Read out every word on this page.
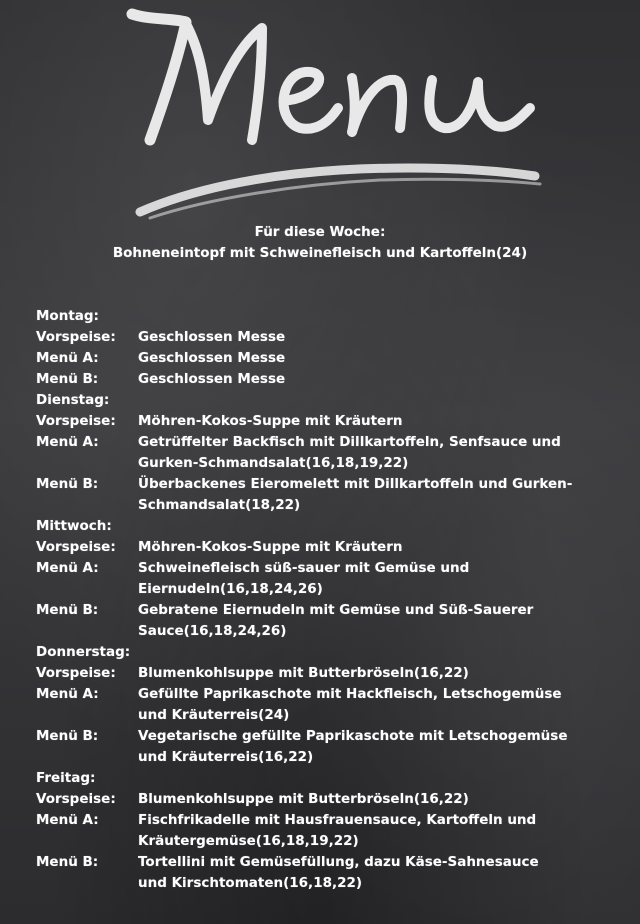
Für diese Woche:
Bohneneintopf mit Schweinefleisch und Kartoffeln(24)
Montag:
Vorspeise:	Geschlossen Messe
Menü A:	Geschlossen Messe
Menü B:	Geschlossen Messe
Dienstag:
Vorspeise:	Möhren-Kokos-Suppe mit Kräutern
Menü A:	Getrüffelter Backfisch mit Dillkartoffeln, Senfsauce und
Gurken-Schmandsalat(16,18,19,22)
Menü B:	Überbackenes Eieromelett mit Dillkartoffeln und Gurken-
Schmandsalat(18,22)
Mittwoch:
Vorspeise:	Möhren-Kokos-Suppe mit Kräutern
Menü A:	Schweinefleisch süß-sauer mit Gemüse und
Eiernudeln(16,18,24,26)
Menü B:	Gebratene Eiernudeln mit Gemüse und Süß-Sauerer
Sauce(16,18,24,26)
Donnerstag:
Vorspeise:	Blumenkohlsuppe mit Butterbröseln(16,22)
Menü A:	Gefüllte Paprikaschote mit Hackfleisch, Letschogemüse
und Kräuterreis(24)
Menü B:	Vegetarische gefüllte Paprikaschote mit Letschogemüse
und Kräuterreis(16,22)
Freitag:
Vorspeise:	Blumenkohlsuppe mit Butterbröseln(16,22)
Menü A:	Fischfrikadelle mit Hausfrauensauce, Kartoffeln und
Kräutergemüse(16,18,19,22)
Menü B:	Tortellini mit Gemüsefüllung, dazu Käse-Sahnesauce
und Kirschtomaten(16,18,22)
